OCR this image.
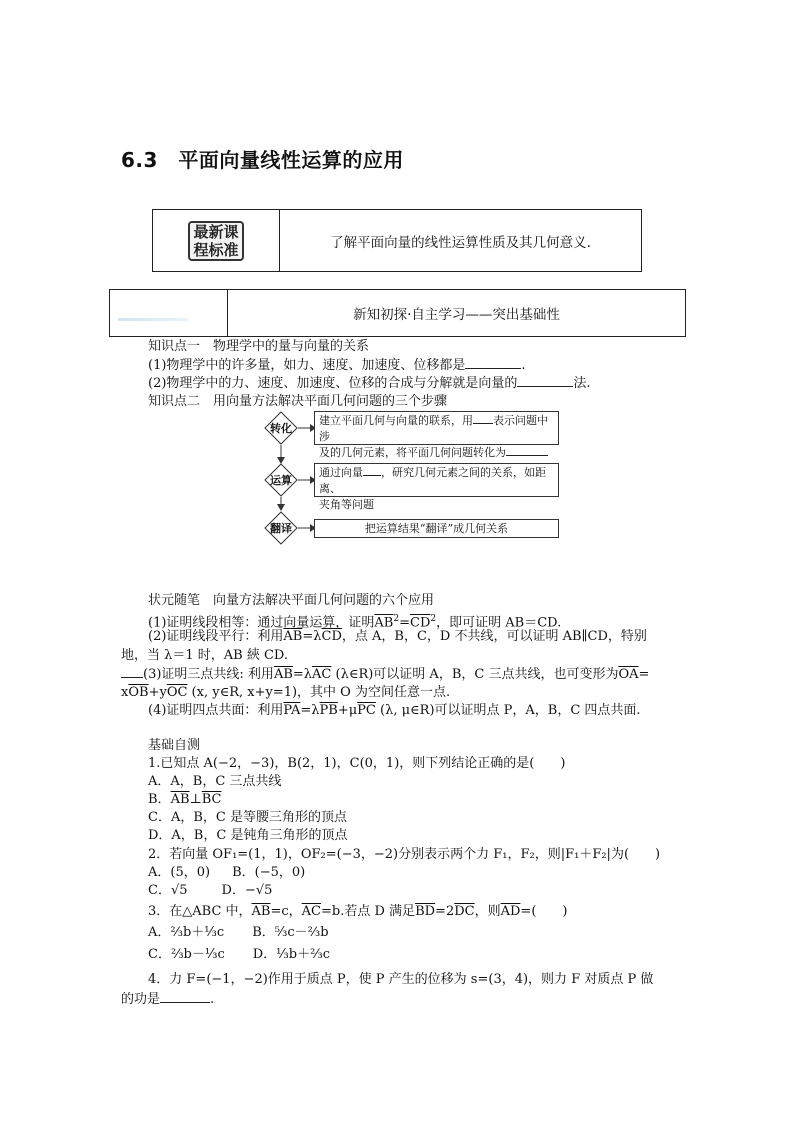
6.3　平面向量线性运算的应用
最新课
程标准	了解平面向量的线性运算性质及其几何意义.
新知初探·自主学习——突出基础性
知识点一　物理学中的量与向量的关系
(1)物理学中的许多量，如力、速度、加速度、位移都是	.
(2)物理学中的力、速度、加速度、位移的合成与分解就是向量的	法.
知识点二　用向量方法解决平面几何问题的三个步骤
转化
建立平面几何与向量的联系，用 表示问题中涉
及的几何元素，将平面几何问题转化为
运算
通过向量 ，研究几何元素之间的关系，如距离、
夹角等问题
翻译	把运算结果“翻译”成几何关系
状元随笔　向量方法解决平面几何问题的六个应用
(1)证明线段相等：通过向量运算，证明$\overline{AB}^2=\overline{CD}^2$，即可证明 AB＝CD.
(2)证明线段平行：利用$\overline{AB}=\lambda\overline{CD}$，点 A，B，C，D 不共线，可以证明 AB∥CD，特别
地，当 λ＝1 时，AB 綊 CD.
(3)证明三点共线: 利用$\overline{AB}=\lambda\overline{AC}$ (λ∈R)可以证明 A，B，C 三点共线，也可变形为$\overline{OA}=$
$x\overline{OB}+y\overline{OC}$ (x, y∈R, x+y=1)，其中 O 为空间任意一点.
(4)证明四点共面：利用$\overline{PA}=\lambda\overline{PB}+\mu\overline{PC}$ (λ, μ∈R)可以证明点 P，A，B，C 四点共面.
基础自测
1.已知点 A(−2，−3)，B(2，1)，C(0，1)，则下列结论正确的是(　　)
A．A，B，C 三点共线
B．$\overline{AB}\perp\overline{BC}$
C．A，B，C 是等腰三角形的顶点
D．A，B，C 是钝角三角形的顶点
2．若向量 OF₁=(1，1)，OF₂=(−3，−2)分别表示两个力 F₁，F₂，则|F₁＋F₂|为(　　)
A．(5，0) B．(−5，0)
C．√5	D．−√5
3．在△ABC 中，$\overline{AB}=c$，$\overline{AC}=b$.若点 D 满足$\overline{BD}=2\overline{DC}$，则$\overline{AD}=$(　　)
A．⅔b＋⅓c B．⁵⁄₃c－⅔b
C．⅔b－⅓c D．⅓b＋⅔c
4．力 F=(−1，−2)作用于质点 P，使 P 产生的位移为 s=(3，4)，则力 F 对质点 P 做
的功是	.
